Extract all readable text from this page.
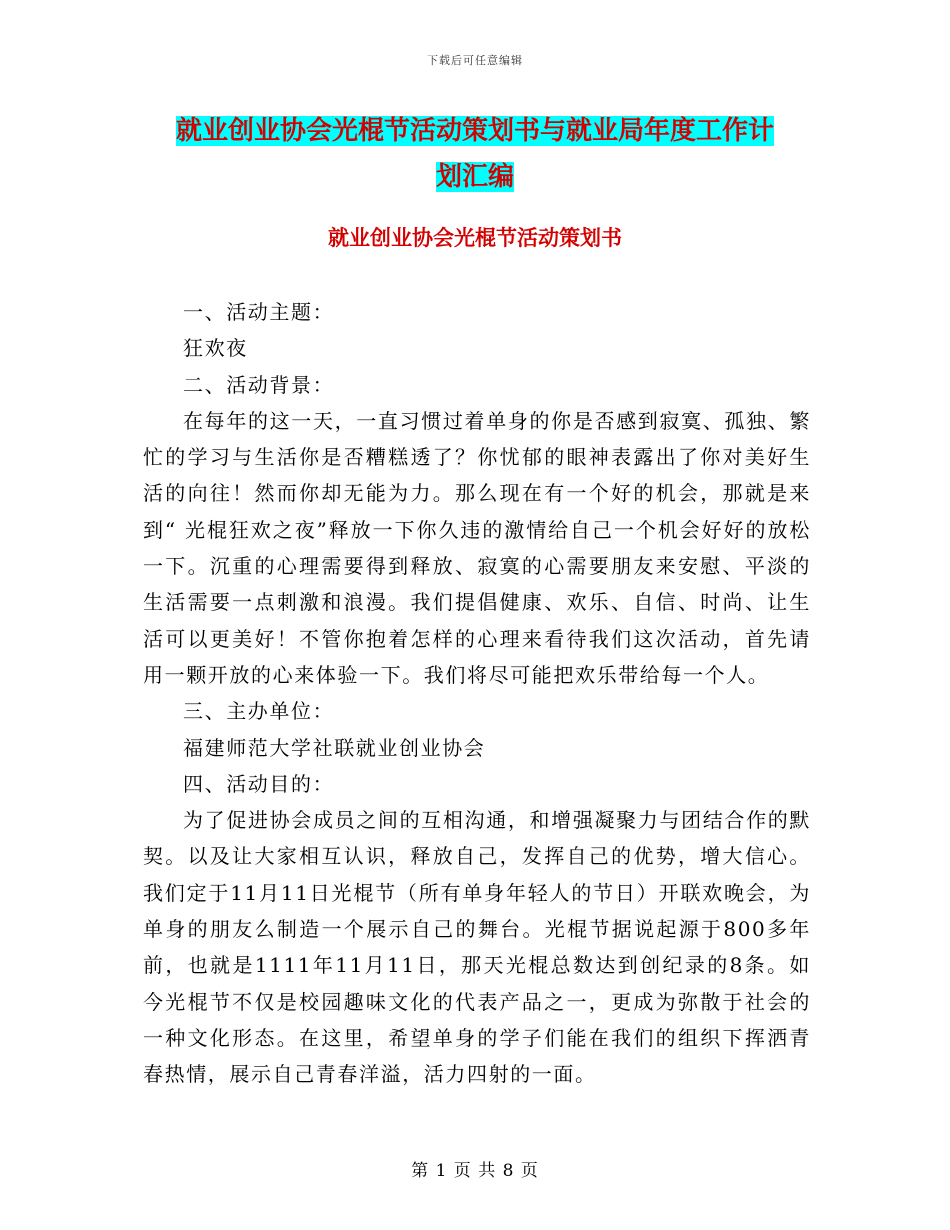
下载后可任意编辑
就业创业协会光棍节活动策划书与就业局年度工作计
划汇编
就业创业协会光棍节活动策划书

一、活动主题：

狂欢夜

二、活动背景：

在每年的这一天，一直习惯过着单身的你是否感到寂寞、孤独、繁忙的学习与生活你是否糟糕透了？你忧郁的眼神表露出了你对美好生活的向往！然而你却无能为力。那么现在有一个好的机会，那就是来到“ 光棍狂欢之夜”释放一下你久违的激情给自己一个机会好好的放松一下。沉重的心理需要得到释放、寂寞的心需要朋友来安慰、平淡的生活需要一点刺激和浪漫。我们提倡健康、欢乐、自信、时尚、让生活可以更美好！不管你抱着怎样的心理来看待我们这次活动，首先请用一颗开放的心来体验一下。我们将尽可能把欢乐带给每一个人。

三、主办单位：

福建师范大学社联就业创业协会

四、活动目的：

为了促进协会成员之间的互相沟通，和增强凝聚力与团结合作的默契。以及让大家相互认识，释放自己，发挥自己的优势，增大信心。我们定于11月11日光棍节（所有单身年轻人的节日）开联欢晚会，为单身的朋友么制造一个展示自己的舞台。光棍节据说起源于800多年前，也就是1111年11月11日，那天光棍总数达到创纪录的8条。如今光棍节不仅是校园趣味文化的代表产品之一，更成为弥散于社会的一种文化形态。在这里，希望单身的学子们能在我们的组织下挥洒青春热情，展示自己青春洋溢，活力四射的一面。

第 1 页 共 8 页
